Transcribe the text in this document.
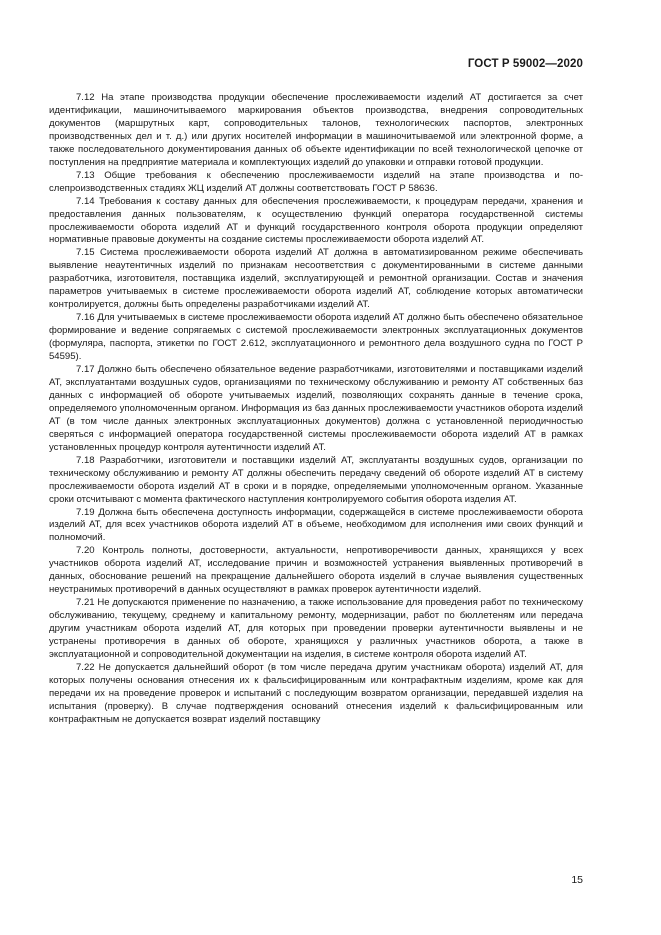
ГОСТ Р 59002—2020

7.12 На этапе производства продукции обеспечение прослеживаемости изделий АТ достигается за счет идентификации, машиночитываемого маркирования объектов производства, внедрения сопроводительных документов (маршрутных карт, сопроводительных талонов, технологических паспортов, электронных производственных дел и т. д.) или других носителей информации в машиночитываемой или электронной форме, а также последовательного документирования данных об объекте идентификации по всей технологической цепочке от поступления на предприятие материала и комплектующих изделий до упаковки и отправки готовой продукции.

7.13 Общие требования к обеспечению прослеживаемости изделий на этапе производства и послепроизводственных стадиях ЖЦ изделий АТ должны соответствовать ГОСТ Р 58636.

7.14 Требования к составу данных для обеспечения прослеживаемости, к процедурам передачи, хранения и предоставления данных пользователям, к осуществлению функций оператора государственной системы прослеживаемости оборота изделий АТ и функций государственного контроля оборота продукции определяют нормативные правовые документы на создание системы прослеживаемости оборота изделий АТ.

7.15 Система прослеживаемости оборота изделий АТ должна в автоматизированном режиме обеспечивать выявление неаутентичных изделий по признакам несоответствия с документированными в системе данными разработчика, изготовителя, поставщика изделий, эксплуатирующей и ремонтной организации. Состав и значения параметров учитываемых в системе прослеживаемости оборота изделий АТ, соблюдение которых автоматически контролируется, должны быть определены разработчиками изделий АТ.

7.16 Для учитываемых в системе прослеживаемости оборота изделий АТ должно быть обеспечено обязательное формирование и ведение сопрягаемых с системой прослеживаемости электронных эксплуатационных документов (формуляра, паспорта, этикетки по ГОСТ 2.612, эксплуатационного и ремонтного дела воздушного судна по ГОСТ Р 54595).

7.17 Должно быть обеспечено обязательное ведение разработчиками, изготовителями и поставщиками изделий АТ, эксплуатантами воздушных судов, организациями по техническому обслуживанию и ремонту АТ собственных баз данных с информацией об обороте учитываемых изделий, позволяющих сохранять данные в течение срока, определяемого уполномоченным органом. Информация из баз данных прослеживаемости участников оборота изделий АТ (в том числе данных электронных эксплуатационных документов) должна с установленной периодичностью сверяться с информацией оператора государственной системы прослеживаемости оборота изделий АТ в рамках установленных процедур контроля аутентичности изделий АТ.

7.18 Разработчики, изготовители и поставщики изделий АТ, эксплуатанты воздушных судов, организации по техническому обслуживанию и ремонту АТ должны обеспечить передачу сведений об обороте изделий АТ в систему прослеживаемости оборота изделий АТ в сроки и в порядке, определяемыми уполномоченным органом. Указанные сроки отсчитывают с момента фактического наступления контролируемого события оборота изделия АТ.

7.19 Должна быть обеспечена доступность информации, содержащейся в системе прослеживаемости оборота изделий АТ, для всех участников оборота изделий АТ в объеме, необходимом для исполнения ими своих функций и полномочий.

7.20 Контроль полноты, достоверности, актуальности, непротиворечивости данных, хранящихся у всех участников оборота изделий АТ, исследование причин и возможностей устранения выявленных противоречий в данных, обоснование решений на прекращение дальнейшего оборота изделий в случае выявления существенных неустранимых противоречий в данных осуществляют в рамках проверок аутентичности изделий.

7.21 Не допускаются применение по назначению, а также использование для проведения работ по техническому обслуживанию, текущему, среднему и капитальному ремонту, модернизации, работ по бюллетеням или передача другим участникам оборота изделий АТ, для которых при проведении проверки аутентичности выявлены и не устранены противоречия в данных об обороте, хранящихся у различных участников оборота, а также в эксплуатационной и сопроводительной документации на изделия, в системе контроля оборота изделий АТ.

7.22 Не допускается дальнейший оборот (в том числе передача другим участникам оборота) изделий АТ, для которых получены основания отнесения их к фальсифицированным или контрафактным изделиям, кроме как для передачи их на проведение проверок и испытаний с последующим возвратом организации, передавшей изделия на испытания (проверку). В случае подтверждения оснований отнесения изделий к фальсифицированным или контрафактным не допускается возврат изделий поставщику

15
